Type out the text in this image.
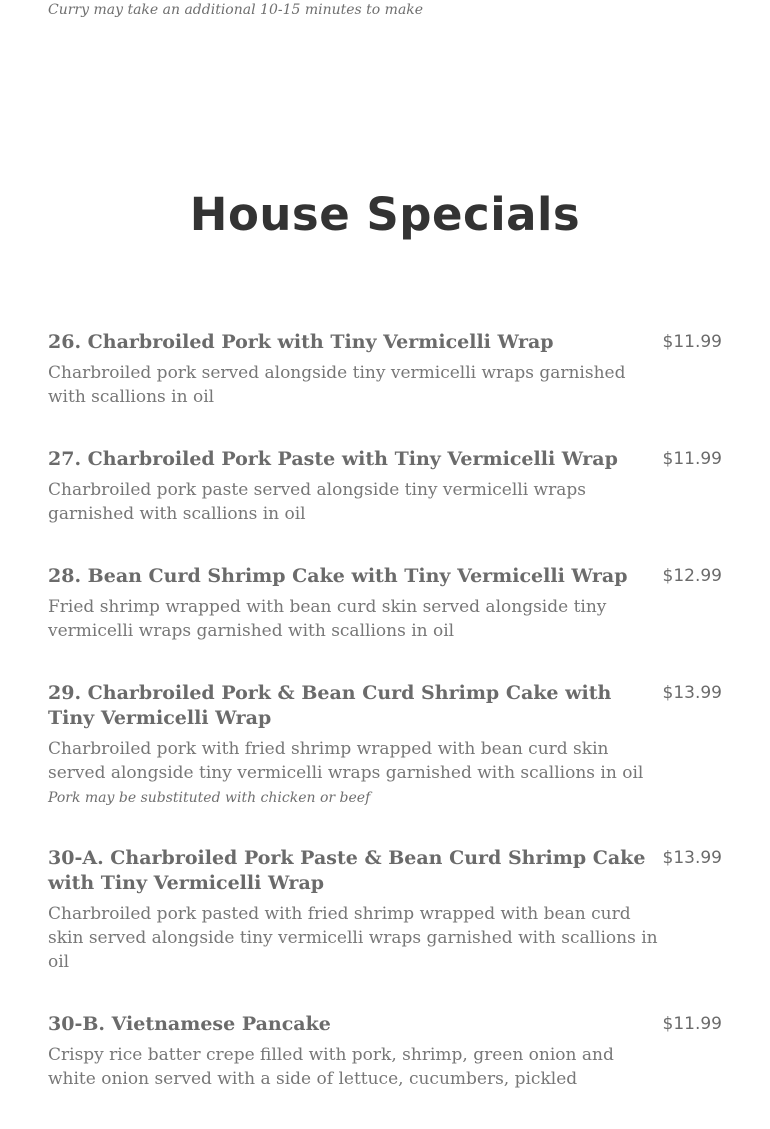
Curry may take an additional 10-15 minutes to make
House Specials
26. Charbroiled Pork with Tiny Vermicelli Wrap	$11.99
Charbroiled pork served alongside tiny vermicelli wraps garnished with scallions in oil
27. Charbroiled Pork Paste with Tiny Vermicelli Wrap	$11.99
Charbroiled pork paste served alongside tiny vermicelli wraps garnished with scallions in oil
28. Bean Curd Shrimp Cake with Tiny Vermicelli Wrap	$12.99
Fried shrimp wrapped with bean curd skin served alongside tiny vermicelli wraps garnished with scallions in oil
29. Charbroiled Pork & Bean Curd Shrimp Cake with Tiny Vermicelli Wrap
$13.99
Charbroiled pork with fried shrimp wrapped with bean curd skin served alongside tiny vermicelli wraps garnished with scallions in oil
Pork may be substituted with chicken or beef
30-A. Charbroiled Pork Paste & Bean Curd Shrimp Cake with Tiny Vermicelli Wrap
$13.99
Charbroiled pork pasted with fried shrimp wrapped with bean curd skin served alongside tiny vermicelli wraps garnished with scallions in oil
30-B. Vietnamese Pancake	$11.99
Crispy rice batter crepe filled with pork, shrimp, green onion and white onion served with a side of lettuce, cucumbers, pickled
